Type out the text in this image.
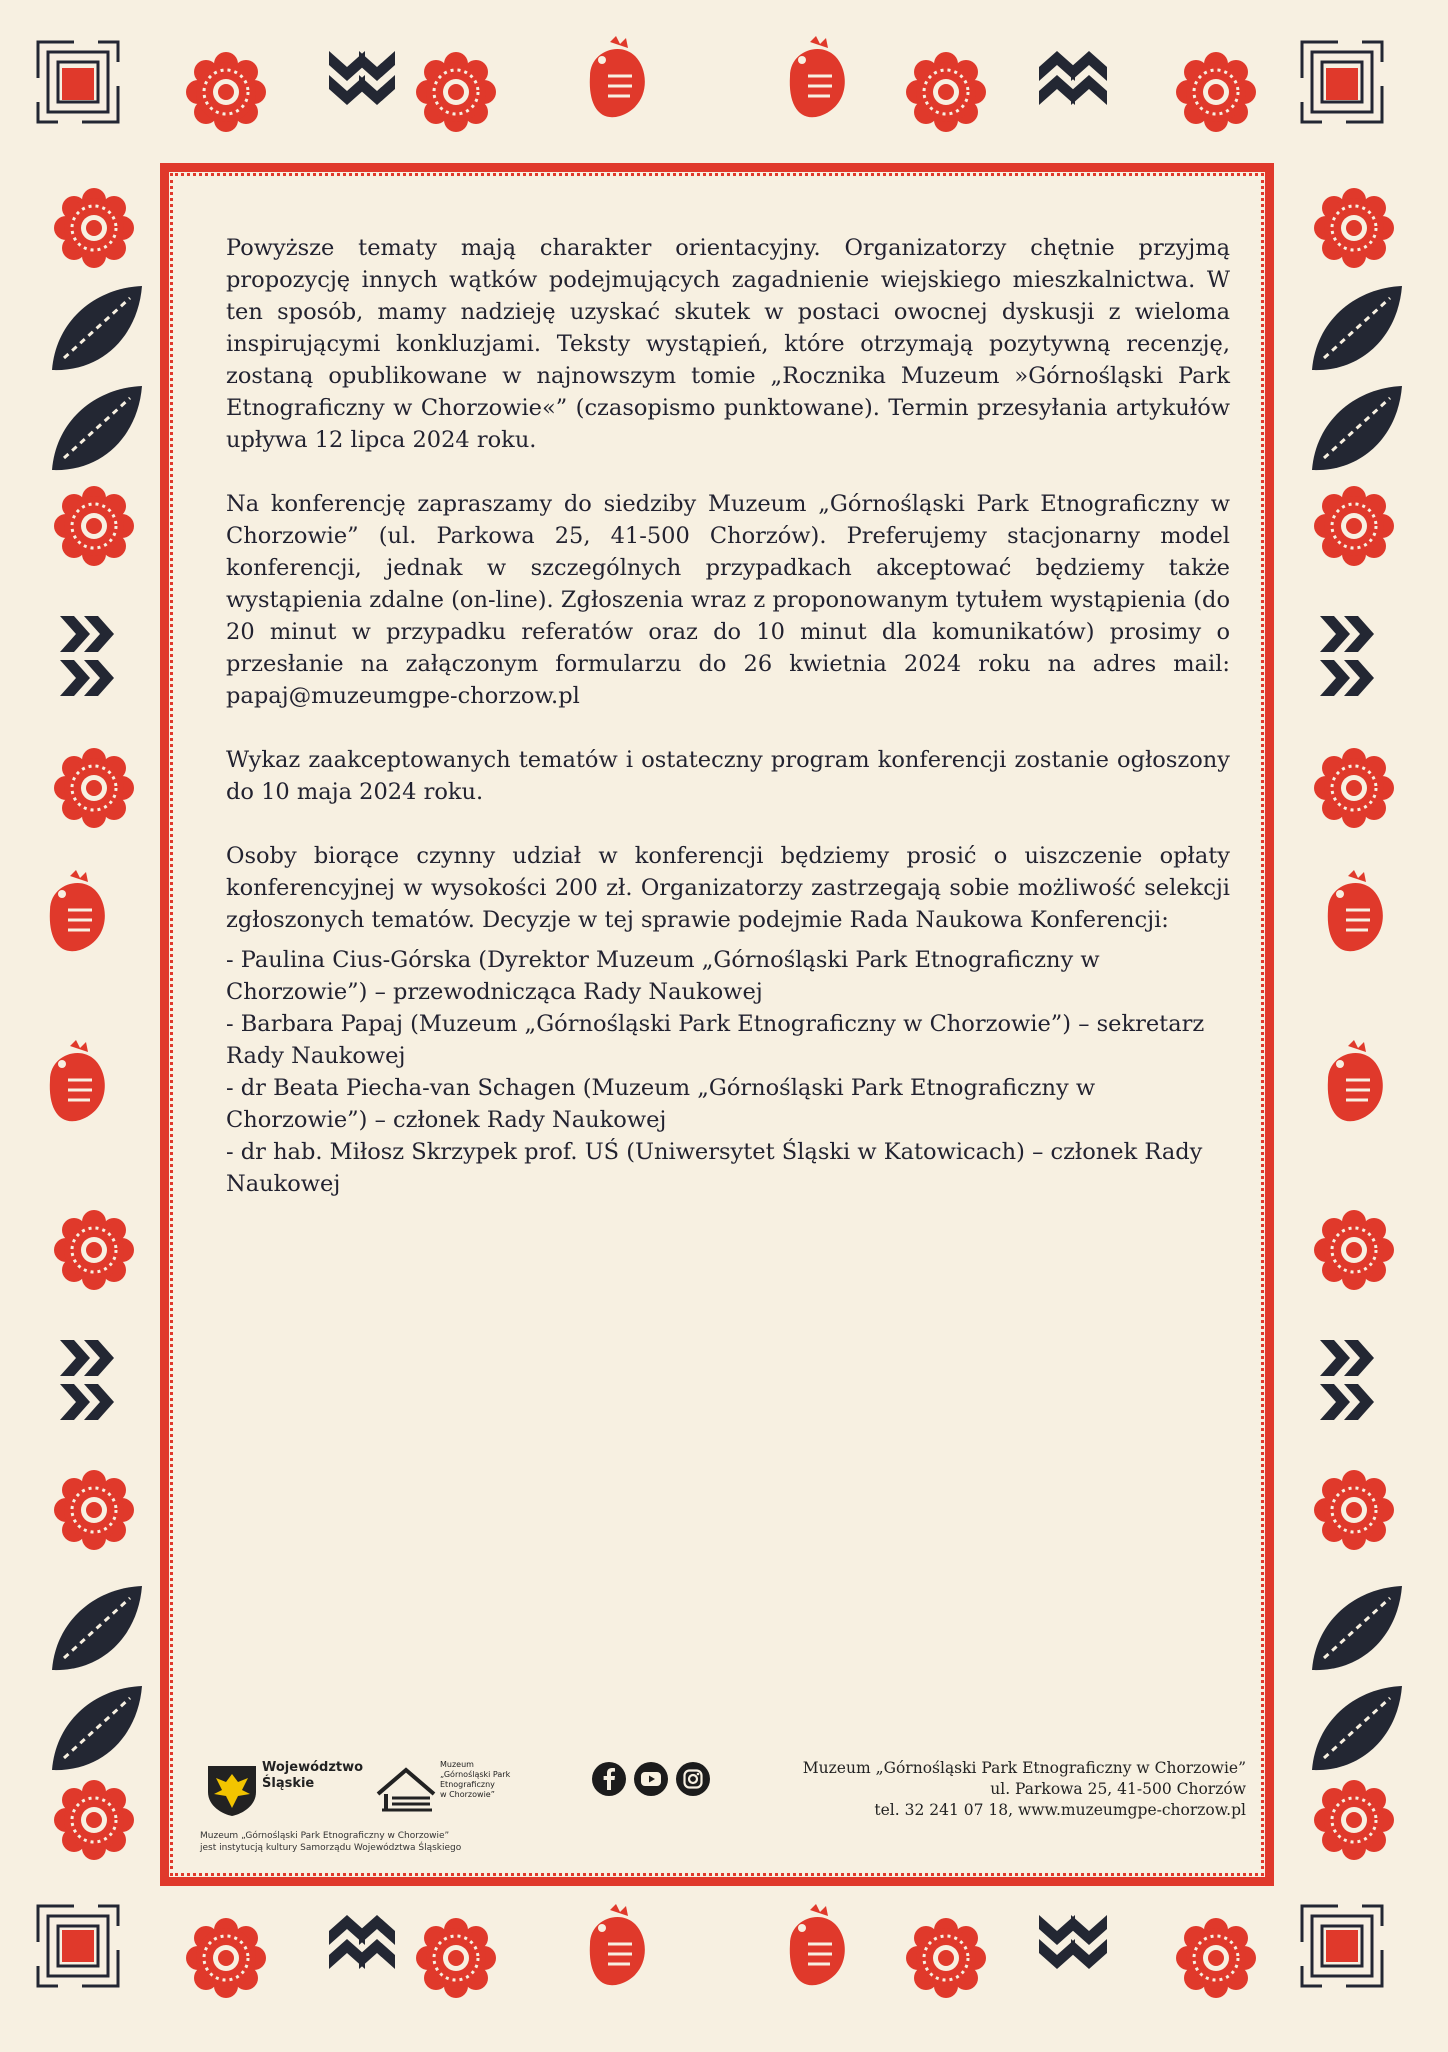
Powyższe tematy mają charakter orientacyjny. Organizatorzy chętnie przyjmą propozycję innych wątków podejmujących zagadnienie wiejskiego mieszkalnictwa. W ten sposób, mamy nadzieję uzyskać skutek w postaci owocnej dyskusji z wieloma inspirującymi konkluzjami. Teksty wystąpień, które otrzymają pozytywną recenzję, zostaną opublikowane w najnowszym tomie „Rocznika Muzeum »Górnośląski Park Etnograficzny w Chorzowie«” (czasopismo punktowane). Termin przesyłania artykułów upływa 12 lipca 2024 roku.

Na konferencję zapraszamy do siedziby Muzeum „Górnośląski Park Etnograficzny w Chorzowie” (ul. Parkowa 25, 41-500 Chorzów). Preferujemy stacjonarny model konferencji, jednak w szczególnych przypadkach akceptować będziemy także wystąpienia zdalne (on-line). Zgłoszenia wraz z proponowanym tytułem wystąpienia (do 20 minut w przypadku referatów oraz do 10 minut dla komunikatów) prosimy o przesłanie na załączonym formularzu do 26 kwietnia 2024 roku na adres mail: papaj@muzeumgpe-chorzow.pl

Wykaz zaakceptowanych tematów i ostateczny program konferencji zostanie ogłoszony do 10 maja 2024 roku.

Osoby biorące czynny udział w konferencji będziemy prosić o uiszczenie opłaty konferencyjnej w wysokości 200 zł. Organizatorzy zastrzegają sobie możliwość selekcji zgłoszonych tematów. Decyzje w tej sprawie podejmie Rada Naukowa Konferencji:

- Paulina Cius-Górska (Dyrektor Muzeum „Górnośląski Park Etnograficzny w Chorzowie”) – przewodnicząca Rady Naukowej
- Barbara Papaj (Muzeum „Górnośląski Park Etnograficzny w Chorzowie”) – sekretarz Rady Naukowej
- dr Beata Piecha-van Schagen (Muzeum „Górnośląski Park Etnograficzny w Chorzowie”) – członek Rady Naukowej
- dr hab. Miłosz Skrzypek prof. UŚ (Uniwersytet Śląski w Katowicach) – członek Rady Naukowej
Województwo
Śląskie
Muzeum
„Górnośląski Park
Etnograficzny
w Chorzowie”
Muzeum „Górnośląski Park Etnograficzny w Chorzowie”
jest instytucją kultury Samorządu Województwa Śląskiego
Muzeum „Górnośląski Park Etnograficzny w Chorzowie”
ul. Parkowa 25, 41-500 Chorzów
tel. 32 241 07 18, www.muzeumgpe-chorzow.pl
